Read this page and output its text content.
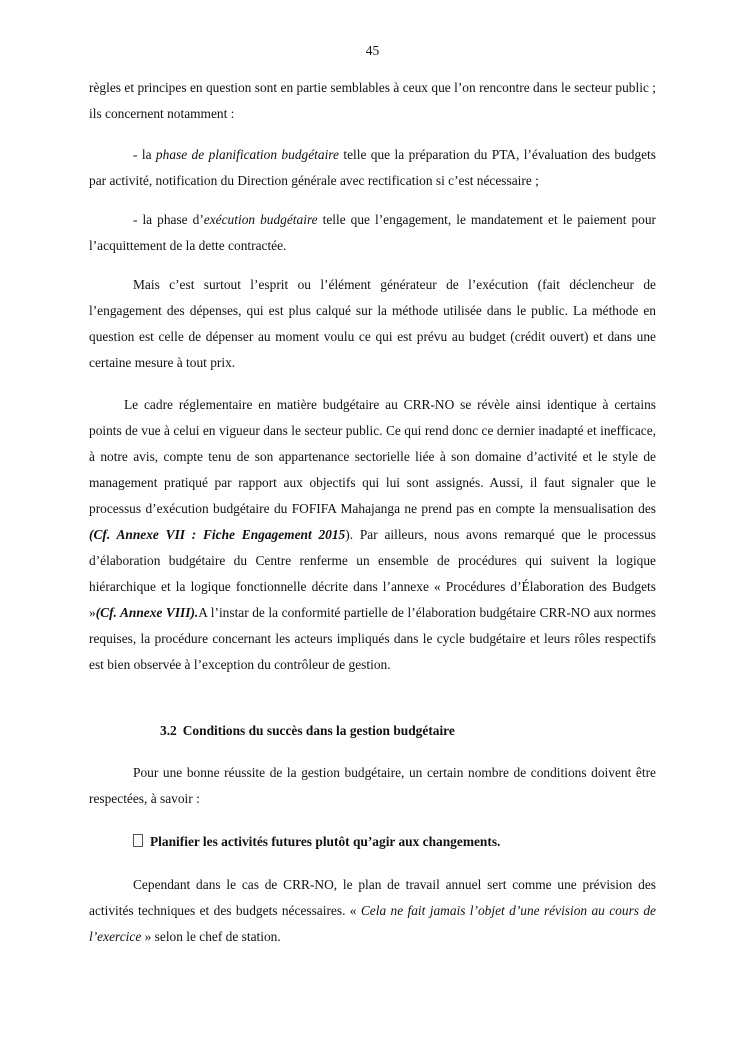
45

règles et principes en question sont en partie semblables à ceux que l’on rencontre dans le secteur public ; ils concernent notamment :

- la phase de planification budgétaire telle que la préparation du PTA, l’évaluation des budgets par activité, notification du Direction générale avec rectification si c’est nécessaire ;

- la phase d’exécution budgétaire telle que l’engagement, le mandatement et le paiement pour l’acquittement de la dette contractée.

Mais c’est surtout l’esprit ou l’élément générateur de l’exécution (fait déclencheur de l’engagement des dépenses, qui est plus calqué sur la méthode utilisée dans le public. La méthode en question est celle de dépenser au moment voulu ce qui est prévu au budget (crédit ouvert) et dans une certaine mesure à tout prix.

Le cadre réglementaire en matière budgétaire au CRR-NO se révèle ainsi identique à certains points de vue à celui en vigueur dans le secteur public. Ce qui rend donc ce dernier inadapté et inefficace, à notre avis, compte tenu de son appartenance sectorielle liée à son domaine d’activité et le style de management pratiqué par rapport aux objectifs qui lui sont assignés. Aussi, il faut signaler que le processus d’exécution budgétaire du FOFIFA Mahajanga ne prend pas en compte la mensualisation des (Cf. Annexe VII : Fiche Engagement 2015). Par ailleurs, nous avons remarqué que le processus d’élaboration budgétaire du Centre renferme un ensemble de procédures qui suivent la logique hiérarchique et la logique fonctionnelle décrite dans l’annexe « Procédures d’Élaboration des Budgets »(Cf. Annexe VIII).A l’instar de la conformité partielle de l’élaboration budgétaire CRR-NO aux normes requises, la procédure concernant les acteurs impliqués dans le cycle budgétaire et leurs rôles respectifs est bien observée à l’exception du contrôleur de gestion.

3.2 Conditions du succès dans la gestion budgétaire

Pour une bonne réussite de la gestion budgétaire, un certain nombre de conditions doivent être respectées, à savoir :

Planifier les activités futures plutôt qu’agir aux changements.

Cependant dans le cas de CRR-NO, le plan de travail annuel sert comme une prévision des activités techniques et des budgets nécessaires. « Cela ne fait jamais l’objet d’une révision au cours de l’exercice » selon le chef de station.
